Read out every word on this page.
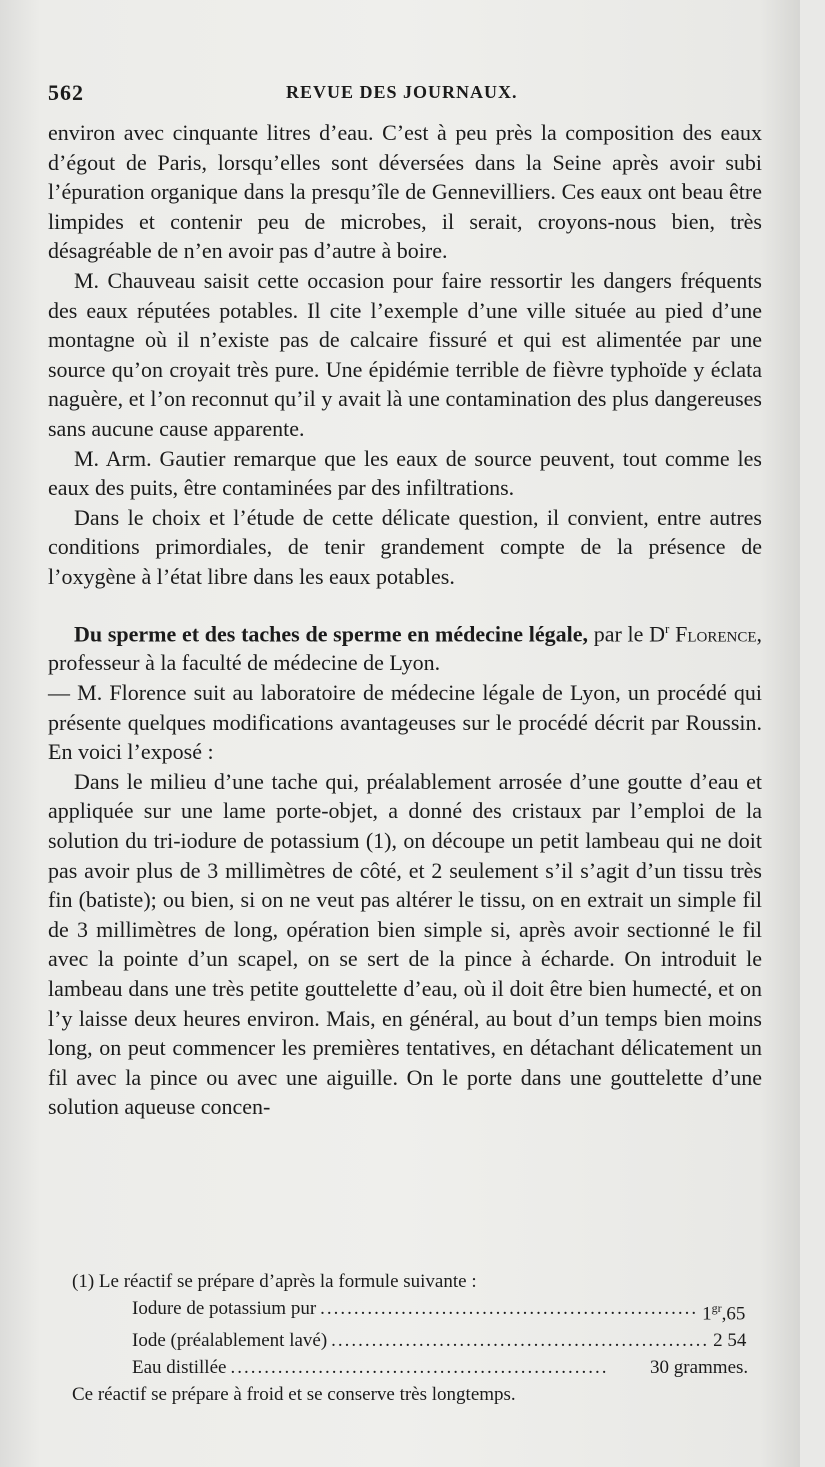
562	REVUE DES JOURNAUX.

environ avec cinquante litres d’eau. C’est à peu près la composition des eaux d’égout de Paris, lorsqu’elles sont déversées dans la Seine après avoir subi l’épuration organique dans la presqu’île de Gennevilliers. Ces eaux ont beau être limpides et contenir peu de microbes, il serait, croyons-nous bien, très désagréable de n’en avoir pas d’autre à boire.

M. Chauveau saisit cette occasion pour faire ressortir les dangers fréquents des eaux réputées potables. Il cite l’exemple d’une ville située au pied d’une montagne où il n’existe pas de calcaire fissuré et qui est alimentée par une source qu’on croyait très pure. Une épidémie terrible de fièvre typhoïde y éclata naguère, et l’on reconnut qu’il y avait là une contamination des plus dangereuses sans aucune cause apparente.

M. Arm. Gautier remarque que les eaux de source peuvent, tout comme les eaux des puits, être contaminées par des infiltrations.

Dans le choix et l’étude de cette délicate question, il convient, entre autres conditions primordiales, de tenir grandement compte de la présence de l’oxygène à l’état libre dans les eaux potables.

Du sperme et des taches de sperme en médecine légale, par le $D^r$ Florence, professeur à la faculté de médecine de Lyon.

— M. Florence suit au laboratoire de médecine légale de Lyon, un procédé qui présente quelques modifications avantageuses sur le procédé décrit par Roussin. En voici l’exposé :

Dans le milieu d’une tache qui, préalablement arrosée d’une goutte d’eau et appliquée sur une lame porte-objet, a donné des cristaux par l’emploi de la solution du tri-iodure de potassium (1), on découpe un petit lambeau qui ne doit pas avoir plus de 3 millimètres de côté, et 2 seulement s’il s’agit d’un tissu très fin (batiste); ou bien, si on ne veut pas altérer le tissu, on en extrait un simple fil de 3 millimètres de long, opération bien simple si, après avoir sectionné le fil avec la pointe d’un scapel, on se sert de la pince à écharde. On introduit le lambeau dans une très petite gouttelette d’eau, où il doit être bien humecté, et on l’y laisse deux heures environ. Mais, en général, au bout d’un temps bien moins long, on peut commencer les premières tentatives, en détachant délicatement un fil avec la pince ou avec une aiguille. On le porte dans une gouttelette d’une solution aqueuse concen-

(1) Le réactif se prépare d’après la formule suivante :

Iodure de potassium pur ........................................................ $1^{gr},65$
Iode (préalablement lavé) ........................................................ 2 54
Eau distillée ........................................................	30 grammes.

Ce réactif se prépare à froid et se conserve très longtemps.
